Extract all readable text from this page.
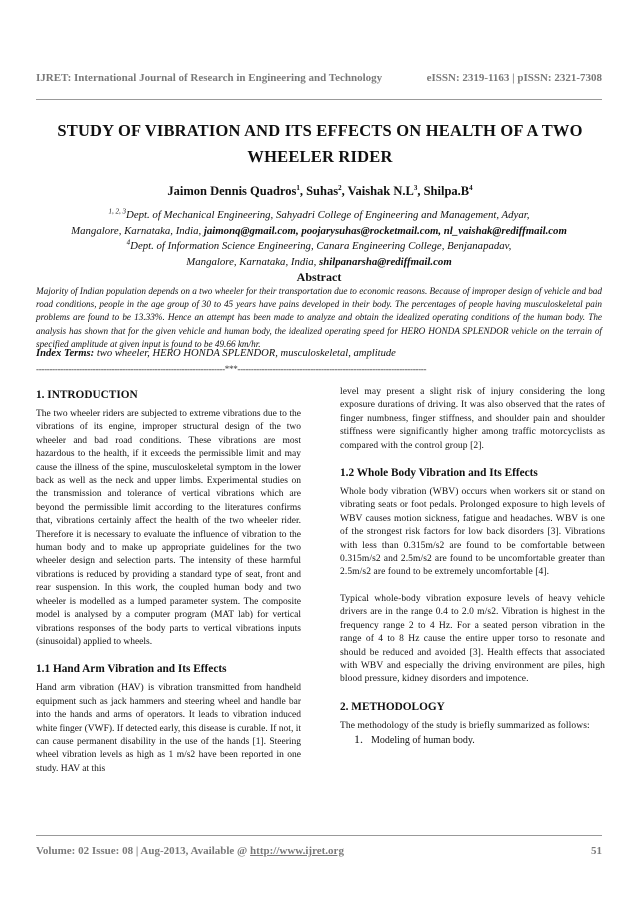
IJRET: International Journal of Research in Engineering and Technology	eISSN: 2319-1163 | pISSN: 2321-7308
STUDY OF VIBRATION AND ITS EFFECTS ON HEALTH OF A TWO
WHEELER RIDER
Jaimon Dennis Quadros$^1$, Suhas$^2$, Vaishak $N.L^3$, $Shilpa.B^4$
$^{1, 2, 3}$Dept. of Mechanical Engineering, Sahyadri College of Engineering and Management, Adyar,
Mangalore, Karnataka, India, jaimonq@gmail.com, poojarysuhas@rocketmail.com, nl_vaishak@rediffmail.com
$^4$Dept. of Information Science Engineering, Canara Engineering College, Benjanapadav,
Mangalore, Karnataka, India, shilpanarsha@rediffmail.com
Abstract
Majority of Indian population depends on a two wheeler for their transportation due to economic reasons. Because of improper design of vehicle and bad road conditions, people in the age group of 30 to 45 years have pains developed in their body. The percentages of people having musculoskeletal pain problems are found to be 13.33%. Hence an attempt has been made to analyze and obtain the idealized operating conditions of the human body. The analysis has shown that for the given vehicle and human body, the idealized operating speed for HERO HONDA SPLENDOR vehicle on the terrain of specified amplitude at given input is found to be 49.66 km/hr.
Index Terms: two wheeler, HERO HONDA SPLENDOR, musculoskeletal, amplitude
----------------------------------------------------------------------***----------------------------------------------------------------------
1. INTRODUCTION

The two wheeler riders are subjected to extreme vibrations due to the vibrations of its engine, improper structural design of the two wheeler and bad road conditions. These vibrations are most hazardous to the health, if it exceeds the permissible limit and may cause the illness of the spine, musculoskeletal symptom in the lower back as well as the neck and upper limbs. Experimental studies on the transmission and tolerance of vertical vibrations which are beyond the permissible limit according to the literatures confirms that, vibrations certainly affect the health of the two wheeler rider. Therefore it is necessary to evaluate the influence of vibration to the human body and to make up appropriate guidelines for the two wheeler design and selection parts. The intensity of these harmful vibrations is reduced by providing a standard type of seat, front and rear suspension. In this work, the coupled human body and two wheeler is modelled as a lumped parameter system. The composite model is analysed by a computer program (MAT lab) for vertical vibrations responses of the body parts to vertical vibrations inputs (sinusoidal) applied to wheels.

1.1 Hand Arm Vibration and Its Effects

Hand arm vibration (HAV) is vibration transmitted from handheld equipment such as jack hammers and steering wheel and handle bar into the hands and arms of operators. It leads to vibration induced white finger (VWF). If detected early, this disease is curable. If not, it can cause permanent disability in the use of the hands [1]. Steering wheel vibration levels as high as 1 m/s2 have been reported in one study. HAV at this

level may present a slight risk of injury considering the long exposure durations of driving. It was also observed that the rates of finger numbness, finger stiffness, and shoulder pain and shoulder stiffness were significantly higher among traffic motorcyclists as compared with the control group [2].

1.2 Whole Body Vibration and Its Effects

Whole body vibration (WBV) occurs when workers sit or stand on vibrating seats or foot pedals. Prolonged exposure to high levels of WBV causes motion sickness, fatigue and headaches. WBV is one of the strongest risk factors for low back disorders [3]. Vibrations with less than 0.315m/s2 are found to be comfortable between 0.315m/s2 and 2.5m/s2 are found to be uncomfortable greater than 2.5m/s2 are found to be extremely uncomfortable [4].

Typical whole-body vibration exposure levels of heavy vehicle drivers are in the range 0.4 to 2.0 m/s2. Vibration is highest in the frequency range 2 to 4 Hz. For a seated person vibration in the range of 4 to 8 Hz cause the entire upper torso to resonate and should be reduced and avoided [3]. Health effects that associated with WBV and especially the driving environment are piles, high blood pressure, kidney disorders and impotence.

2. METHODOLOGY

The methodology of the study is briefly summarized as follows:

1. Modeling of human body.
Volume: 02 Issue: 08 | Aug-2013, Available @ http://www.ijret.org	51
